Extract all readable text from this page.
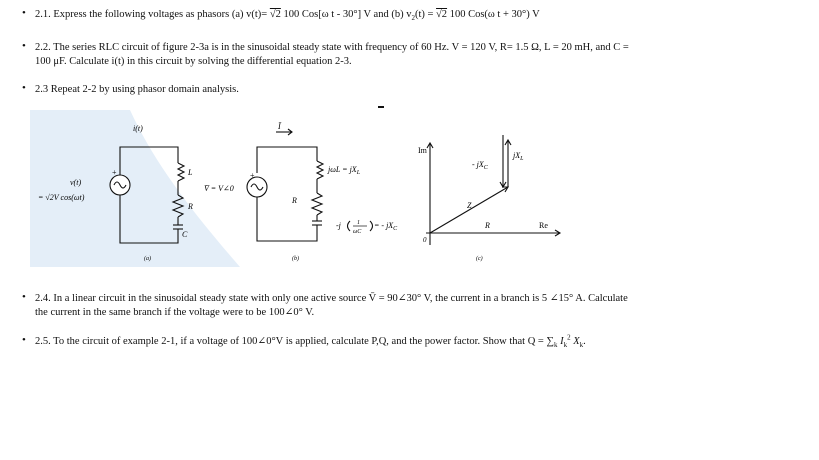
• 2.1. Express the following voltages as phasors (a) v(t)= √2 100 Cos[ω t - 30°] V and (b) $v_2(t) = √2$ 100 Cos(ω t + 30°) V
• 2.2. The series RLC circuit of figure 2-3a is in the sinusoidal steady state with frequency of 60 Hz. V = 120 V, R= 1.5 Ω, L = 20 mH, and C =
100 μF. Calculate i(t) in this circuit by solving the differential equation 2-3.
• 2.3 Repeat 2-2 by using phasor domain analysis.
i(t)
L
R
C
+
v(t)
= √2V cos(ωt)
Ī
V̄ = V∠0
+
$j\omega L = jX_L$
R
-j	1
ωC
= - $jX_C$
Im
Re
0
$jX_L$
- $jX_C$
Z
R
(a)	(b)	(c)
• 2.4. In a linear circuit in the sinusoidal steady state with only one active source V̄ = 90∠30° V, the current in a branch is 5 ∠15° A. Calculate
the current in the same branch if the voltage were to be 100∠0° V.
• 2.5. To the circuit of example 2-1, if a voltage of 100∠0°V is applied, calculate P,Q, and the power factor. Show that $Q = \sum_k$ $I_k^2$ $X_k$.
